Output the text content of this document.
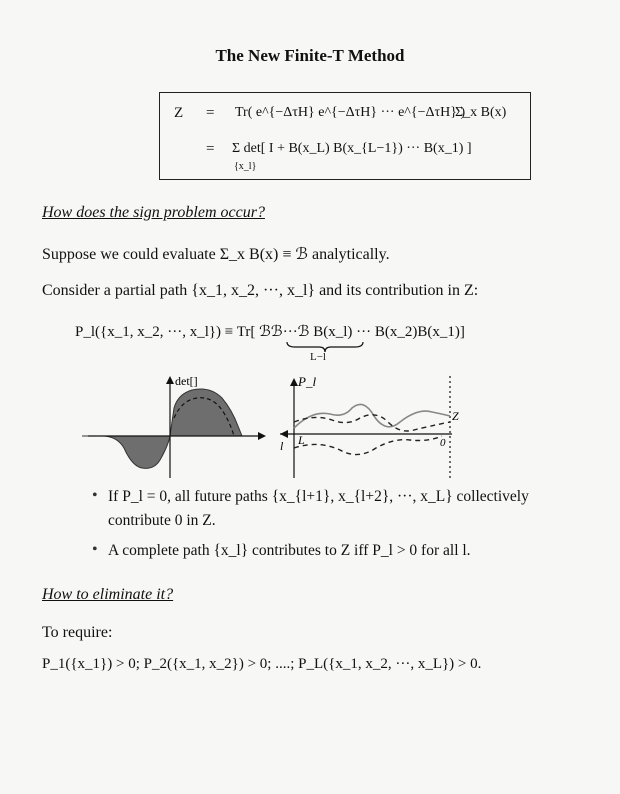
The New Finite-T Method
Z = Tr( e^{−ΔτH} e^{−ΔτH} ··· e^{−ΔτH} )
Σ_x B(x)
= Σ det[ I + B(x_L) B(x_{L−1}) ··· B(x_1) ]
{x_l}
How does the sign problem occur?
Suppose we could evaluate Σ_x B(x) ≡ ℬ analytically.
Consider a partial path {x_1, x_2, ···, x_l} and its contribution in Z:
P_l({x_1, x_2, ···, x_l}) ≡ Tr[ ℬℬ···ℬ B(x_l) ··· B(x_2)B(x_1)]
L−l
det[]	P_l
l L
Z
0
• If P_l = 0, all future paths {x_{l+1}, x_{l+2}, ···, x_L} collectively
contribute 0 in Z.
• A complete path {x_l} contributes to Z iff P_l > 0 for all l.
How to eliminate it?
To require:
P_1({x_1}) > 0; P_2({x_1, x_2}) > 0; ....; P_L({x_1, x_2, ···, x_L}) > 0.
